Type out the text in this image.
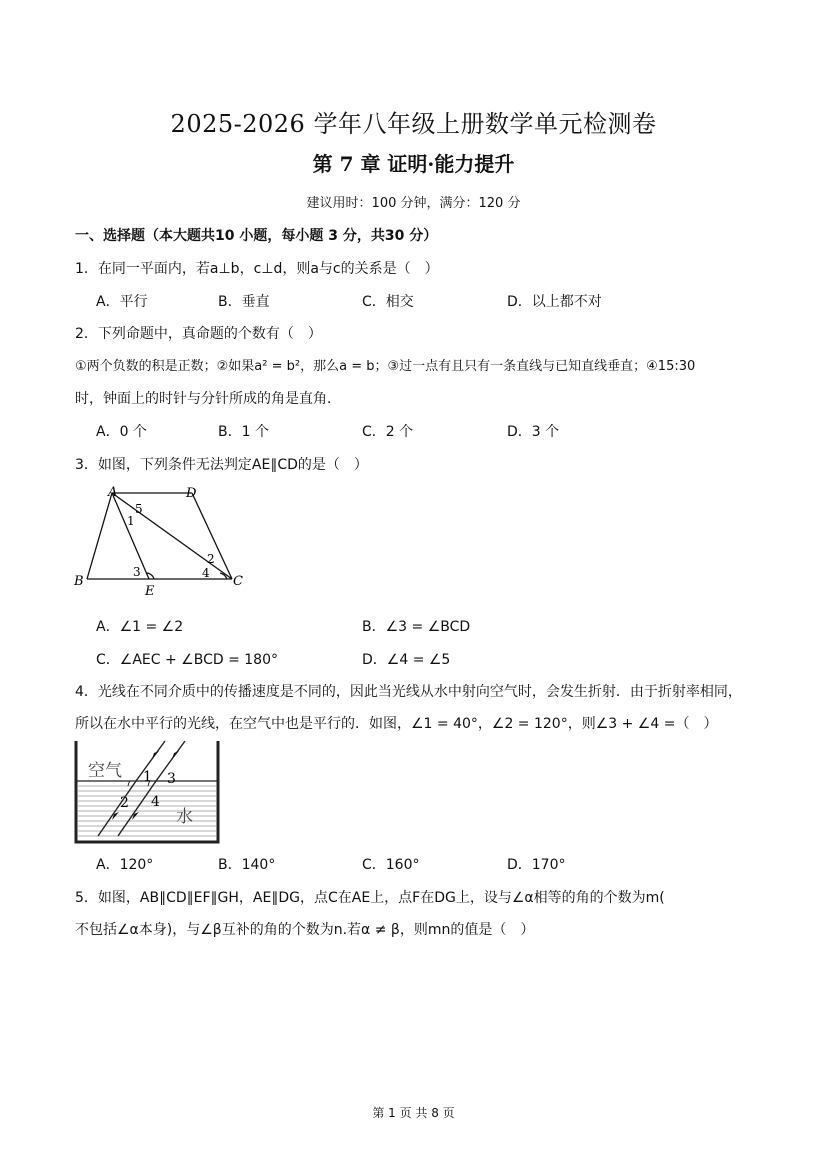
2025-2026 学年八年级上册数学单元检测卷
第 7 章 证明·能力提升
建议用时：100 分钟，满分：120 分
一、选择题（本大题共10 小题，每小题 3 分，共30 分）
1．在同一平面内，若a⊥b，c⊥d，则a与c的关系是（　）
A．平行	B．垂直	C．相交	D．以上都不对
2．下列命题中，真命题的个数有（　）
①两个负数的积是正数；②如果a² = b²，那么a = b；③过一点有且只有一条直线与已知直线垂直；④15:30
时，钟面上的时针与分针所成的角是直角．
A．0 个	B．1 个	C．2 个	D．3 个
3．如图，下列条件无法判定AE∥CD的是（　）
A	D
B
E
C
5
1
2
3	4
A．∠1 = ∠2	B．∠3 = ∠BCD
C．∠AEC + ∠BCD = 180°	D．∠4 = ∠5
4．光线在不同介质中的传播速度是不同的，因此当光线从水中射向空气时，会发生折射．由于折射率相同，
所以在水中平行的光线，在空气中也是平行的．如图，∠1 = 40°，∠2 = 120°，则∠3 + ∠4 =（　）
空气
水
1
2
3
4
A．120°	B．140°	C．160°	D．170°
5．如图，AB∥CD∥EF∥GH，AE∥DG，点C在AE上，点F在DG上，设与∠α相等的角的个数为m(
不包括∠α本身)，与∠β互补的角的个数为n.若α ≠ β，则mn的值是（　）
第 1 页 共 8 页
